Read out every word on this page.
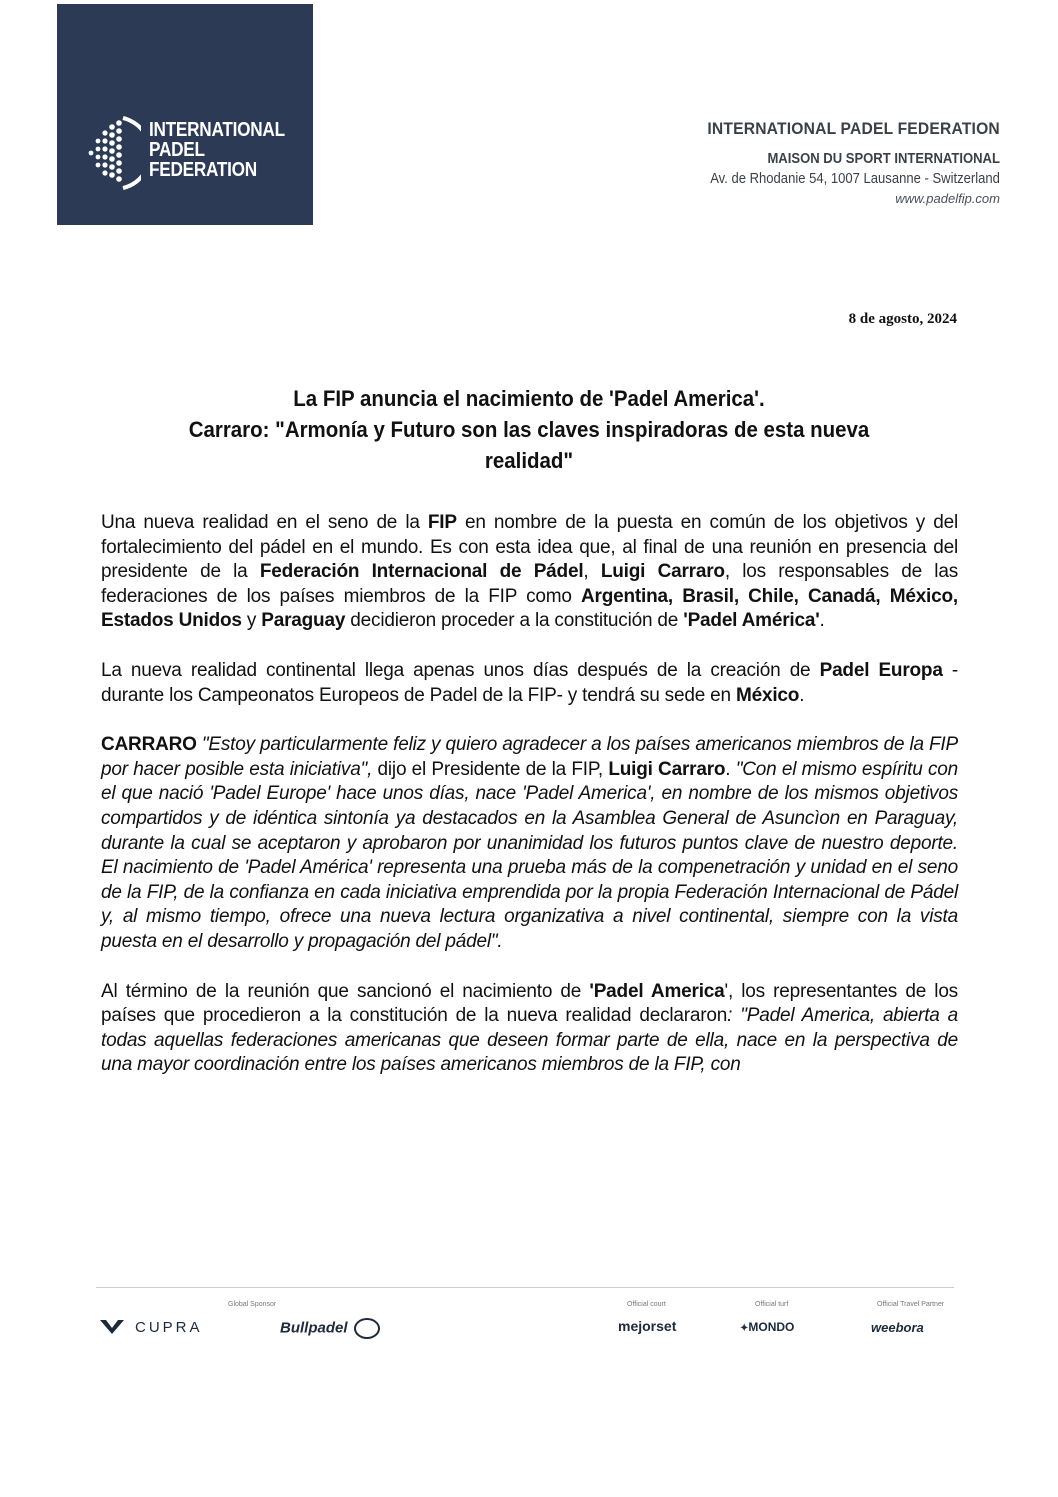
INTERNATIONAL
PADEL
FEDERATION
INTERNATIONAL PADEL FEDERATION
MAISON DU SPORT INTERNATIONAL
Av. de Rhodanie 54, 1007 Lausanne - Switzerland
www.padelfip.com
8 de agosto, 2024
La FIP anuncia el nacimiento de 'Padel America'.
Carraro: "Armonía y Futuro son las claves inspiradoras de esta nueva
realidad"

Una nueva realidad en el seno de la FIP en nombre de la puesta en común de los objetivos y del fortalecimiento del pádel en el mundo. Es con esta idea que, al final de una reunión en presencia del presidente de la Federación Internacional de Pádel, Luigi Carraro, los responsables de las federaciones de los países miembros de la FIP como Argentina, Brasil, Chile, Canadá, México, Estados Unidos y Paraguay decidieron proceder a la constitución de 'Padel América'.

La nueva realidad continental llega apenas unos días después de la creación de Padel Europa - durante los Campeonatos Europeos de Padel de la FIP- y tendrá su sede en México.

CARRARO "Estoy particularmente feliz y quiero agradecer a los países americanos miembros de la FIP por hacer posible esta iniciativa", dijo el Presidente de la FIP, Luigi Carraro. "Con el mismo espíritu con el que nació 'Padel Europe' hace unos días, nace 'Padel America', en nombre de los mismos objetivos compartidos y de idéntica sintonía ya destacados en la Asamblea General de Asuncìon en Paraguay, durante la cual se aceptaron y aprobaron por unanimidad los futuros puntos clave de nuestro deporte. El nacimiento de 'Padel América' representa una prueba más de la compenetración y unidad en el seno de la FIP, de la confianza en cada iniciativa emprendida por la propia Federación Internacional de Pádel y, al mismo tiempo, ofrece una nueva lectura organizativa a nivel continental, siempre con la vista puesta en el desarrollo y propagación del pádel".

Al término de la reunión que sancionó el nacimiento de 'Padel America', los representantes de los países que procedieron a la constitución de la nueva realidad declararon: "Padel America, abierta a todas aquellas federaciones americanas que deseen formar parte de ella, nace en la perspectiva de una mayor coordinación entre los países americanos miembros de la FIP, con

Global Sponsor	Official court	Official turf	Official Travel Partner
CUPRA	Bullpadel	mejorset	✦MONDO	weebora
